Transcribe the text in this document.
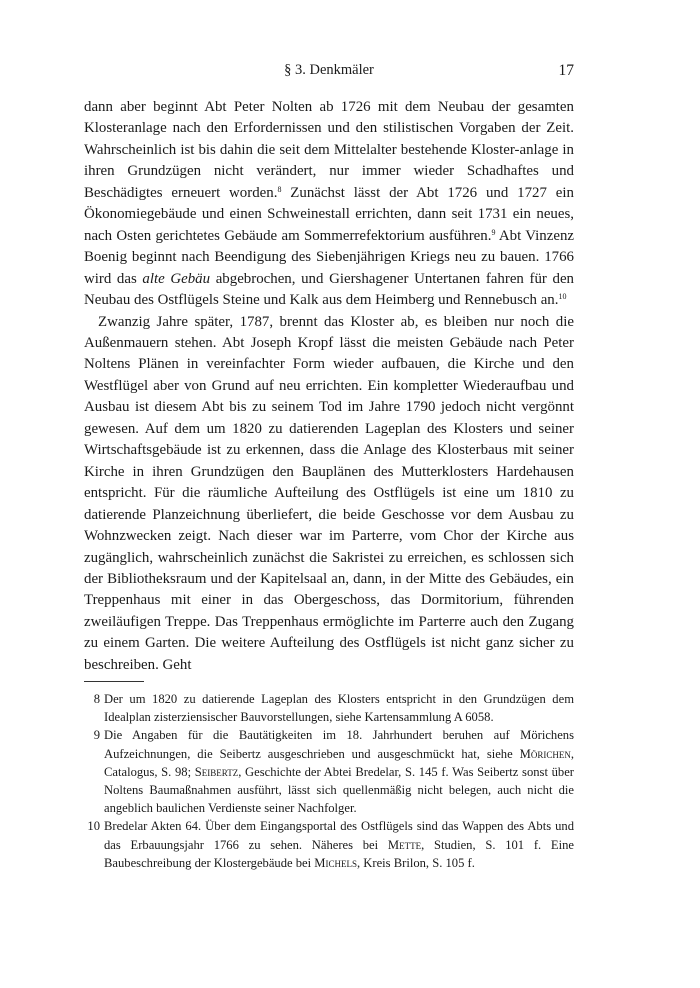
§ 3. Denkmäler	17

dann aber beginnt Abt Peter Nolten ab 1726 mit dem Neubau der gesamten Klosteranlage nach den Erfordernissen und den stilistischen Vorgaben der Zeit. Wahrscheinlich ist bis dahin die seit dem Mittelalter bestehende Kloster-anlage in ihren Grundzügen nicht verändert, nur immer wieder Schadhaftes und Beschädigtes erneuert worden.$^8$ Zunächst lässt der Abt 1726 und 1727 ein Ökonomiegebäude und einen Schweinestall errichten, dann seit 1731 ein neues, nach Osten gerichtetes Gebäude am Sommerrefektorium ausführen.$^9$ Abt Vinzenz Boenig beginnt nach Beendigung des Siebenjährigen Kriegs neu zu bauen. 1766 wird das alte Gebäu abgebrochen, und Giershagener Untertanen fahren für den Neubau des Ostflügels Steine und Kalk aus dem Heimberg und Rennebusch an.$^{10}$

Zwanzig Jahre später, 1787, brennt das Kloster ab, es bleiben nur noch die Außenmauern stehen. Abt Joseph Kropf lässt die meisten Gebäude nach Peter Noltens Plänen in vereinfachter Form wieder aufbauen, die Kirche und den Westflügel aber von Grund auf neu errichten. Ein kompletter Wiederaufbau und Ausbau ist diesem Abt bis zu seinem Tod im Jahre 1790 jedoch nicht vergönnt gewesen. Auf dem um 1820 zu datierenden Lageplan des Klosters und seiner Wirtschaftsgebäude ist zu erkennen, dass die Anlage des Klosterbaus mit seiner Kirche in ihren Grundzügen den Bauplänen des Mutterklosters Hardehausen entspricht. Für die räumliche Aufteilung des Ostflügels ist eine um 1810 zu datierende Planzeichnung überliefert, die beide Geschosse vor dem Ausbau zu Wohnzwecken zeigt. Nach dieser war im Parterre, vom Chor der Kirche aus zugänglich, wahrscheinlich zunächst die Sakristei zu erreichen, es schlossen sich der Bibliotheksraum und der Kapitelsaal an, dann, in der Mitte des Gebäudes, ein Treppenhaus mit einer in das Obergeschoss, das Dormitorium, führenden zweiläufigen Treppe. Das Treppenhaus ermöglichte im Parterre auch den Zugang zu einem Garten. Die weitere Aufteilung des Ostflügels ist nicht ganz sicher zu beschreiben. Geht

8 Der um 1820 zu datierende Lageplan des Klosters entspricht in den Grundzügen dem Idealplan zisterziensischer Bauvorstellungen, siehe Kartensammlung A 6058.
9 Die Angaben für die Bautätigkeiten im 18. Jahrhundert beruhen auf Mörichens Aufzeichnungen, die Seibertz ausgeschrieben und ausgeschmückt hat, siehe Mörichen, Catalogus, S. 98; Seibertz, Geschichte der Abtei Bredelar, S. 145 f. Was Seibertz sonst über Noltens Baumaßnahmen ausführt, lässt sich quellenmäßig nicht belegen, auch nicht die angeblich baulichen Verdienste seiner Nachfolger.
10 Bredelar Akten 64. Über dem Eingangsportal des Ostflügels sind das Wappen des Abts und das Erbauungsjahr 1766 zu sehen. Näheres bei Mette, Studien, S. 101 f. Eine Baubeschreibung der Klostergebäude bei Michels, Kreis Brilon, S. 105 f.
